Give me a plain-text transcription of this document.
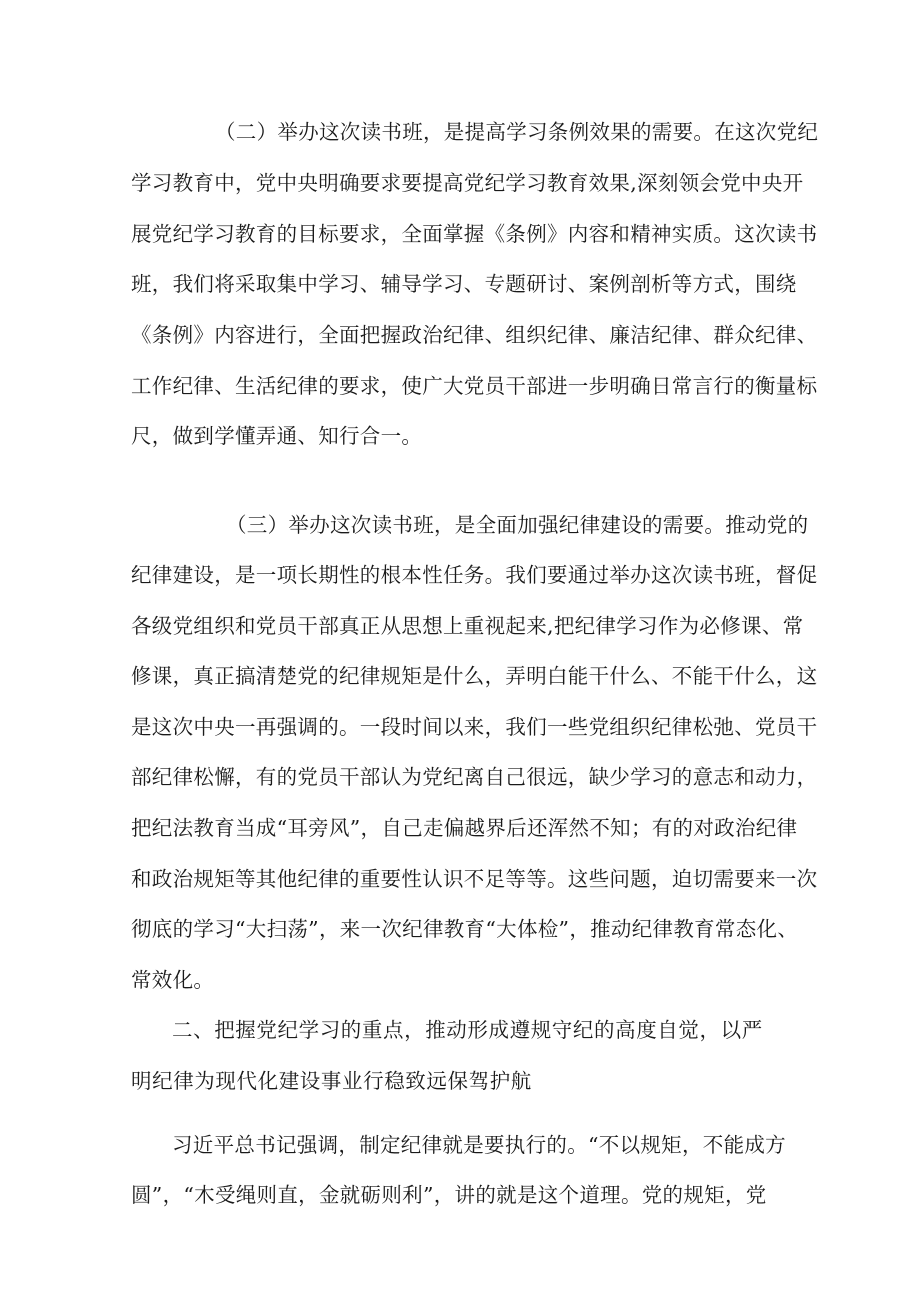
（二）举办这次读书班，是提高学习条例效果的需要。在这次党纪
学习教育中，党中央明确要求要提高党纪学习教育效果,深刻领会党中央开
展党纪学习教育的目标要求，全面掌握《条例》内容和精神实质。这次读书
班，我们将采取集中学习、辅导学习、专题研讨、案例剖析等方式，围绕
《条例》内容进行，全面把握政治纪律、组织纪律、廉洁纪律、群众纪律、
工作纪律、生活纪律的要求，使广大党员干部进一步明确日常言行的衡量标
尺，做到学懂弄通、知行合一。
（三）举办这次读书班，是全面加强纪律建设的需要。推动党的
纪律建设，是一项长期性的根本性任务。我们要通过举办这次读书班，督促
各级党组织和党员干部真正从思想上重视起来,把纪律学习作为必修课、常
修课，真正搞清楚党的纪律规矩是什么，弄明白能干什么、不能干什么，这
是这次中央一再强调的。一段时间以来，我们一些党组织纪律松弛、党员干
部纪律松懈，有的党员干部认为党纪离自己很远，缺少学习的意志和动力，
把纪法教育当成“耳旁风”，自己走偏越界后还浑然不知；有的对政治纪律
和政治规矩等其他纪律的重要性认识不足等等。这些问题，迫切需要来一次
彻底的学习“大扫荡”，来一次纪律教育“大体检”，推动纪律教育常态化、
常效化。
二、把握党纪学习的重点，推动形成遵规守纪的高度自觉，以严
明纪律为现代化建设事业行稳致远保驾护航
习近平总书记强调，制定纪律就是要执行的。“不以规矩，不能成方
圆”，“木受绳则直，金就砺则利”，讲的就是这个道理。党的规矩，党
